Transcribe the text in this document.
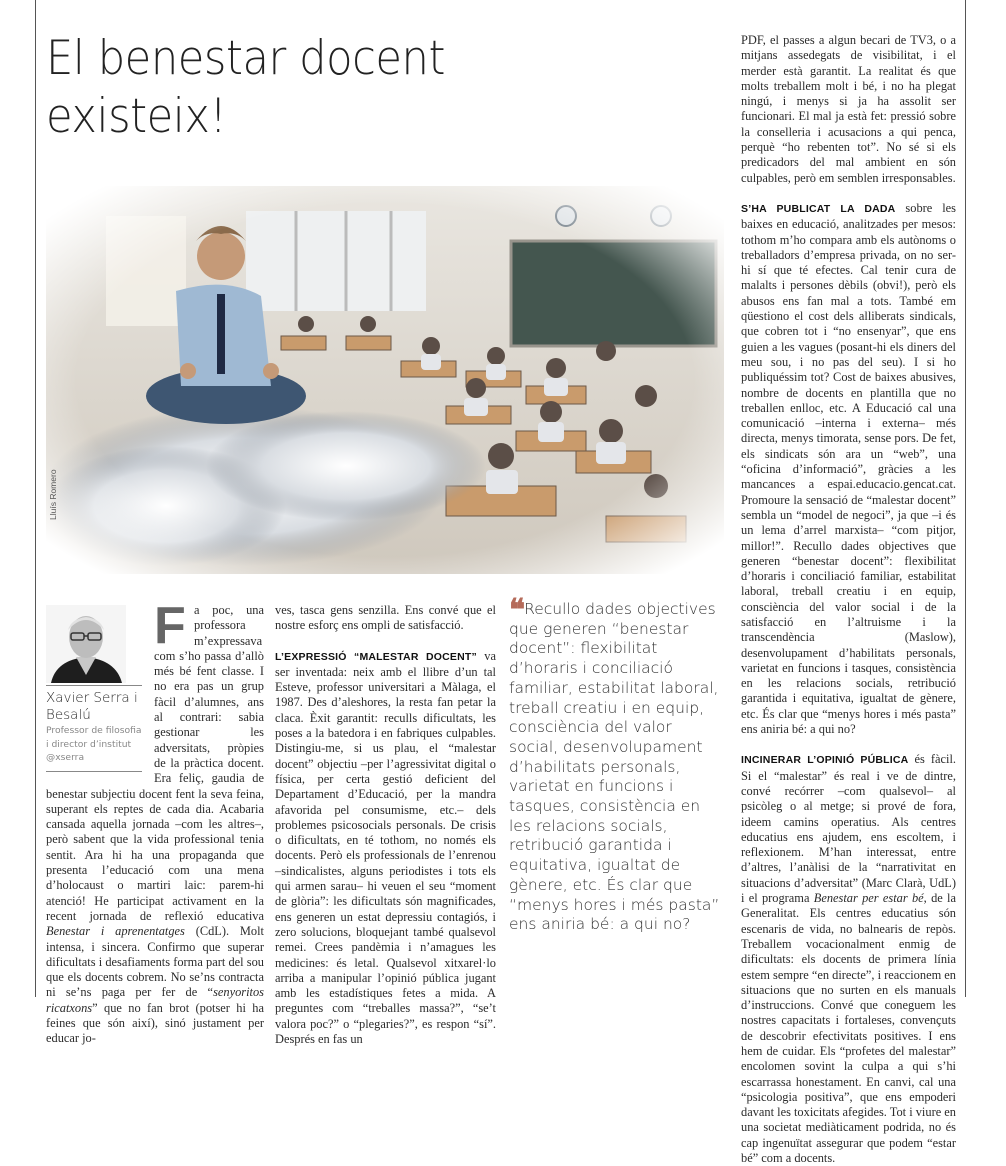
El benestar docent existeix!
Lluís Romero
Xavier Serra i Besalú
Professor de filosofia
i director d’institut
@xserra

Fa poc, una professora m’expressava com s’ho passa d’allò més bé fent classe. I no era pas un grup fàcil d’alumnes, ans al contrari: sabia gestionar les adversitats, pròpies de la pràctica docent. Era feliç, gaudia de benestar subjectiu docent fent la seva feina, superant els reptes de cada dia. Acabaria cansada aquella jornada –com les altres–, però sabent que la vida professional tenia sentit. Ara hi ha una propaganda que presenta l’educació com una mena d’holocaust o martiri laic: parem-hi atenció! He participat activament en la recent jornada de reflexió educativa Benestar i aprenentatges (CdL). Molt intensa, i sincera. Confirmo que superar dificultats i desafiaments forma part del sou que els docents cobrem. No se’ns contracta ni se’ns paga per fer de “senyoritos ricatxons” que no fan brot (potser hi ha feines que són així), sinó justament per educar jo-

ves, tasca gens senzilla. Ens convé que el nostre esforç ens ompli de satisfacció.

L’EXPRESSIÓ “MALESTAR DOCENT” va ser inventada: neix amb el llibre d’un tal Esteve, professor universitari a Màlaga, el 1987. Des d’aleshores, la resta fan petar la claca. Èxit garantit: reculls dificultats, les poses a la batedora i en fabriques culpables. Distingiu-me, si us plau, el “malestar docent” objectiu –per l’agressivitat digital o física, per certa gestió deficient del Departament d’Educació, per la mandra afavorida pel consumisme, etc.– dels problemes psicosocials personals. De crisis o dificultats, en té tothom, no només els docents. Però els professionals de l’enrenou –sindicalistes, alguns periodistes i tots els qui armen sarau– hi veuen el seu “moment de glòria”: les dificultats són magnificades, ens generen un estat depressiu contagiós, i zero solucions, bloquejant també qualsevol remei. Crees pandèmia i n’amagues les medicines: és letal. Qualsevol xitxarel·lo arriba a manipular l’opinió pública jugant amb les estadístiques fetes a mida. A preguntes com “treballes massa?”, “se’t valora poc?” o “plegaries?”, es respon “sí”. Després en fas un

❝ Recullo dades objectives que generen “benestar docent”: flexibilitat d’horaris i conciliació familiar, estabilitat laboral, treball creatiu i en equip, consciència del valor social, desenvolupament d’habilitats personals, varietat en funcions i tasques, consistència en les relacions socials, retribució garantida i equitativa, igualtat de gènere, etc. És clar que “menys hores i més pasta” ens aniria bé: a qui no?

PDF, el passes a algun becari de TV3, o a mitjans assedegats de visibilitat, i el merder està garantit. La realitat és que molts treballem molt i bé, i no ha plegat ningú, i menys si ja ha assolit ser funcionari. El mal ja està fet: pressió sobre la conselleria i acusacions a qui penca, perquè “ho rebenten tot”. No sé si els predicadors del mal ambient en són culpables, però em semblen irresponsables.

S’HA PUBLICAT LA DADA sobre les baixes en educació, analitzades per mesos: tothom m’ho compara amb els autònoms o treballadors d’empresa privada, on no ser-hi sí que té efectes. Cal tenir cura de malalts i persones dèbils (obvi!), però els abusos ens fan mal a tots. També em qüestiono el cost dels alliberats sindicals, que cobren tot i “no ensenyar”, que ens guien a les vagues (posant-hi els diners del meu sou, i no pas del seu). I si ho publiquéssim tot? Cost de baixes abusives, nombre de docents en plantilla que no treballen enlloc, etc. A Educació cal una comunicació –interna i externa– més directa, menys timorata, sense pors. De fet, els sindicats són ara un “web”, una “oficina d’informació”, gràcies a les mancances a espai.educacio.gencat.cat. Promoure la sensació de “malestar docent” sembla un “model de negoci”, ja que –i és un lema d’arrel marxista– “com pitjor, millor!”. Recullo dades objectives que generen “benestar docent”: flexibilitat d’horaris i conciliació familiar, estabilitat laboral, treball creatiu i en equip, consciència del valor social i de la satisfacció en l’altruisme i la transcendència (Maslow), desenvolupament d’habilitats personals, varietat en funcions i tasques, consistència en les relacions socials, retribució garantida i equitativa, igualtat de gènere, etc. És clar que “menys hores i més pasta” ens aniria bé: a qui no?

INCINERAR L’OPINIÓ PÚBLICA és fàcil. Si el “malestar” és real i ve de dintre, convé recórrer –com qualsevol– al psicòleg o al metge; si prové de fora, ideem camins operatius. Als centres educatius ens ajudem, ens escoltem, i reflexionem. M’han interessat, entre d’altres, l’anàlisi de la “narrativitat en situacions d’adversitat” (Marc Clarà, UdL) i el programa Benestar per estar bé, de la Generalitat. Els centres educatius són escenaris de vida, no balnearis de repòs. Treballem vocacionalment enmig de dificultats: els docents de primera línia estem sempre “en directe”, i reaccionem en situacions que no surten en els manuals d’instruccions. Convé que coneguem les nostres capacitats i fortaleses, convençuts de descobrir efectivitats positives. I ens hem de cuidar. Els “profetes del malestar” encolomen sovint la culpa a qui s’hi escarrassa honestament. En canvi, cal una “psicologia positiva”, que ens empoderi davant les toxicitats afegides. Tot i viure en una societat mediàticament podrida, no és cap ingenuïtat assegurar que podem “estar bé” com a docents.
